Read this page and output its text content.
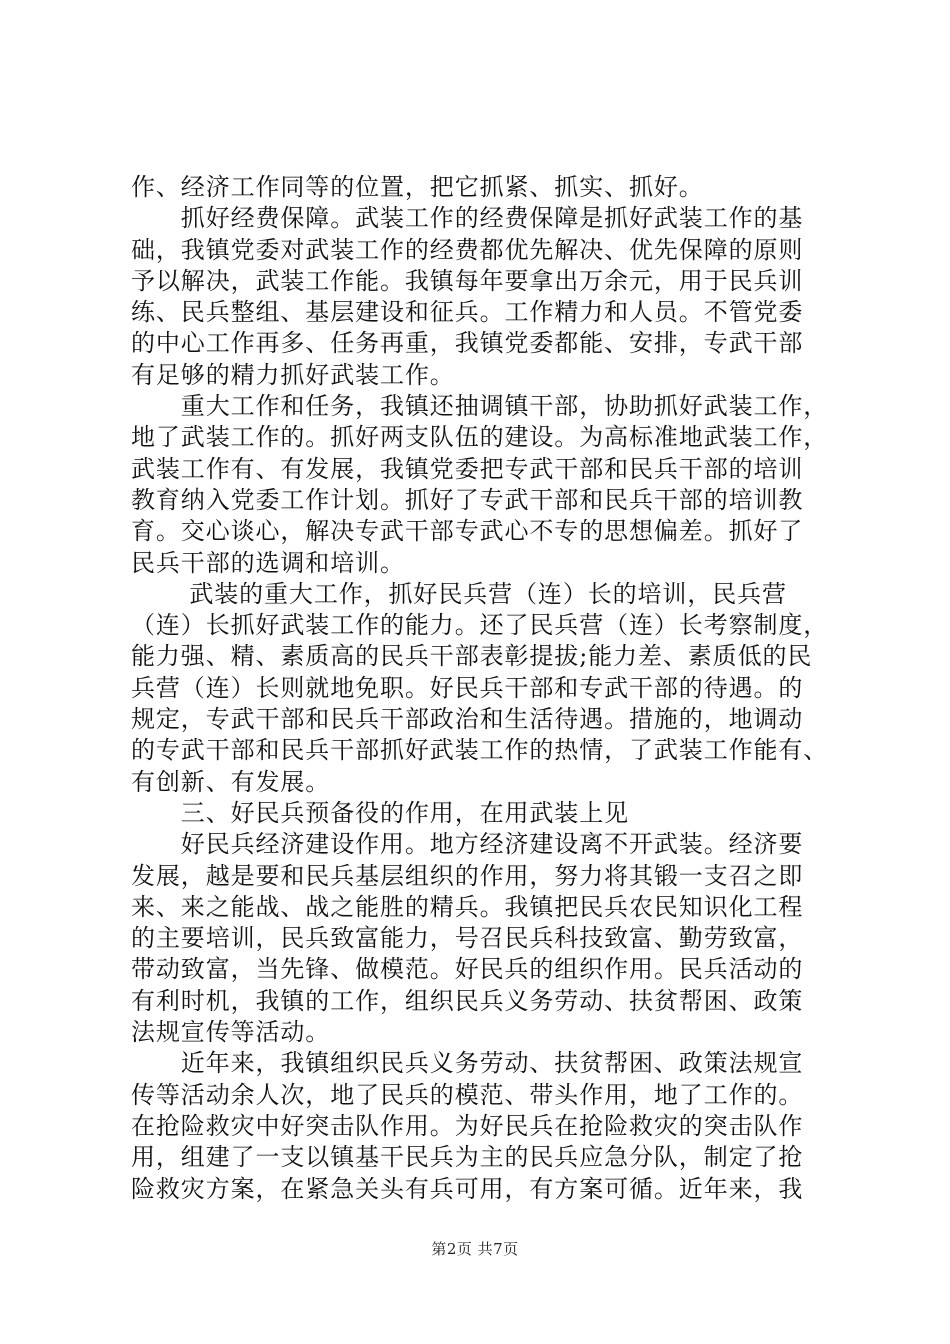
作、经济工作同等的位置，把它抓紧、抓实、抓好。
　　抓好经费保障。武装工作的经费保障是抓好武装工作的基
础，我镇党委对武装工作的经费都优先解决、优先保障的原则
予以解决，武装工作能。我镇每年要拿出万余元，用于民兵训
练、民兵整组、基层建设和征兵。工作精力和人员。不管党委
的中心工作再多、任务再重，我镇党委都能、安排，专武干部
有足够的精力抓好武装工作。
　　重大工作和任务，我镇还抽调镇干部，协助抓好武装工作，
地了武装工作的。抓好两支队伍的建设。为高标准地武装工作，
武装工作有、有发展，我镇党委把专武干部和民兵干部的培训
教育纳入党委工作计划。抓好了专武干部和民兵干部的培训教
育。交心谈心，解决专武干部专武心不专的思想偏差。抓好了
民兵干部的选调和培训。
　　 武装的重大工作，抓好民兵营（连）长的培训，民兵营
（连）长抓好武装工作的能力。还了民兵营（连）长考察制度，
能力强、精、素质高的民兵干部表彰提拔;能力差、素质低的民
兵营（连）长则就地免职。好民兵干部和专武干部的待遇。的
规定，专武干部和民兵干部政治和生活待遇。措施的，地调动
的专武干部和民兵干部抓好武装工作的热情，了武装工作能有、
有创新、有发展。
　　三、好民兵预备役的作用，在用武装上见
　　好民兵经济建设作用。地方经济建设离不开武装。经济要
发展，越是要和民兵基层组织的作用，努力将其锻一支召之即
来、来之能战、战之能胜的精兵。我镇把民兵农民知识化工程
的主要培训，民兵致富能力，号召民兵科技致富、勤劳致富，
带动致富，当先锋、做模范。好民兵的组织作用。民兵活动的
有利时机，我镇的工作，组织民兵义务劳动、扶贫帮困、政策
法规宣传等活动。
　　近年来，我镇组织民兵义务劳动、扶贫帮困、政策法规宣
传等活动余人次，地了民兵的模范、带头作用，地了工作的。
在抢险救灾中好突击队作用。为好民兵在抢险救灾的突击队作
用，组建了一支以镇基干民兵为主的民兵应急分队，制定了抢
险救灾方案，在紧急关头有兵可用，有方案可循。近年来，我
第2页 共7页
